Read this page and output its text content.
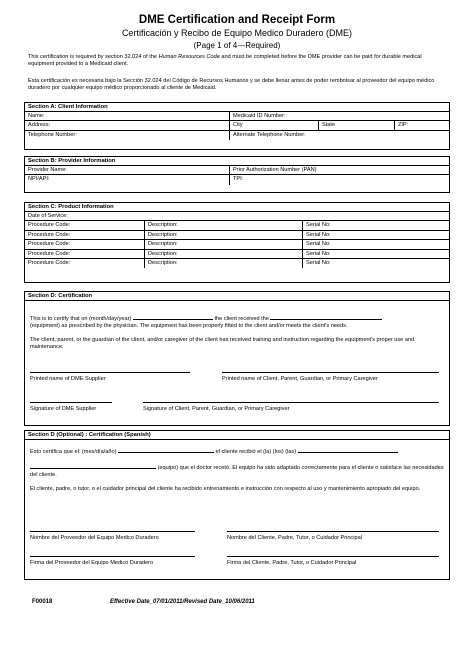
DME Certification and Receipt Form
Certificación y Recibo de Equipo Medico Duradero (DME)
(Page 1 of 4---Required)
This certification is required by section 32.024 of the Human Resources Code and must be completed before the DME provider can be paid for durable medical equipment provided to a Medicaid client.
Esta certificación es necesaria bajo la Sección 32.024 del Código de Recursos Humanos y se debe llenar antes de poder rembolsar al proveedor del equipo médico duradero por cualquier equipo médico proporcionado al cliente de Medicaid.
Section A: Client Information
Name:	Medicaid ID Number:
Address:	City	State	ZIP:
Telephone Number:	Alternate Telephone Number:
Section B: Provider Information
Provider Name:	Prior Authorization Number (PAN)
NPI/API:	TPI:
Section C: Product Information
Date of Service:
Procedure Code:	Description:	Serial No:
Procedure Code:	Description:	Serial No:
Procedure Code:	Description:	Serial No:
Procedure Code:	Description:	Serial No:
Procedure Code:	Description:	Serial No:
Section D: Certification
This is to certify that on (month/day/year)	the client received the
(equipment) as prescribed by the physician. The equipment has been properly fitted to the client and/or meets the client's needs.
The client, parent, or the guardian of the client, and/or caregiver of the client has received training and instruction regarding the equipment's proper use and maintenance.
Printed name of DME Supplier	Printed name of Client, Parent, Guardian, or Primary Caregiver
Signature of DME Supplier	Signature of Client, Parent, Guardian, or Primary Caregiver
Section D (Optional) : Certification (Spanish)
Esto certifica que el: (mes/día/año)	el cliente recibió el (la) (los) (las)
(equipo) que el doctor recetó. El equipo ha sido adaptado correctamente para el cliente o satisface las necesidades del cliente.
El cliente, padre, o tutor, o el cuidador principal del cliente ha recibido entrenamiento e instrucción con respecto al uso y mantenimiento apropiado del equipo.
Nombre del Proveedor del Equipo Medico Duradero	Nombre del Cliente, Padre, Tutor, o Cuidador Principal
Firma del Proveedor del Equipo Medico Duradero	Firma del Cliente, Padre, Tutor, o Cuidador Principal
F00018	Effective Date_07/01/2011/Revised Date_10/06/2011
